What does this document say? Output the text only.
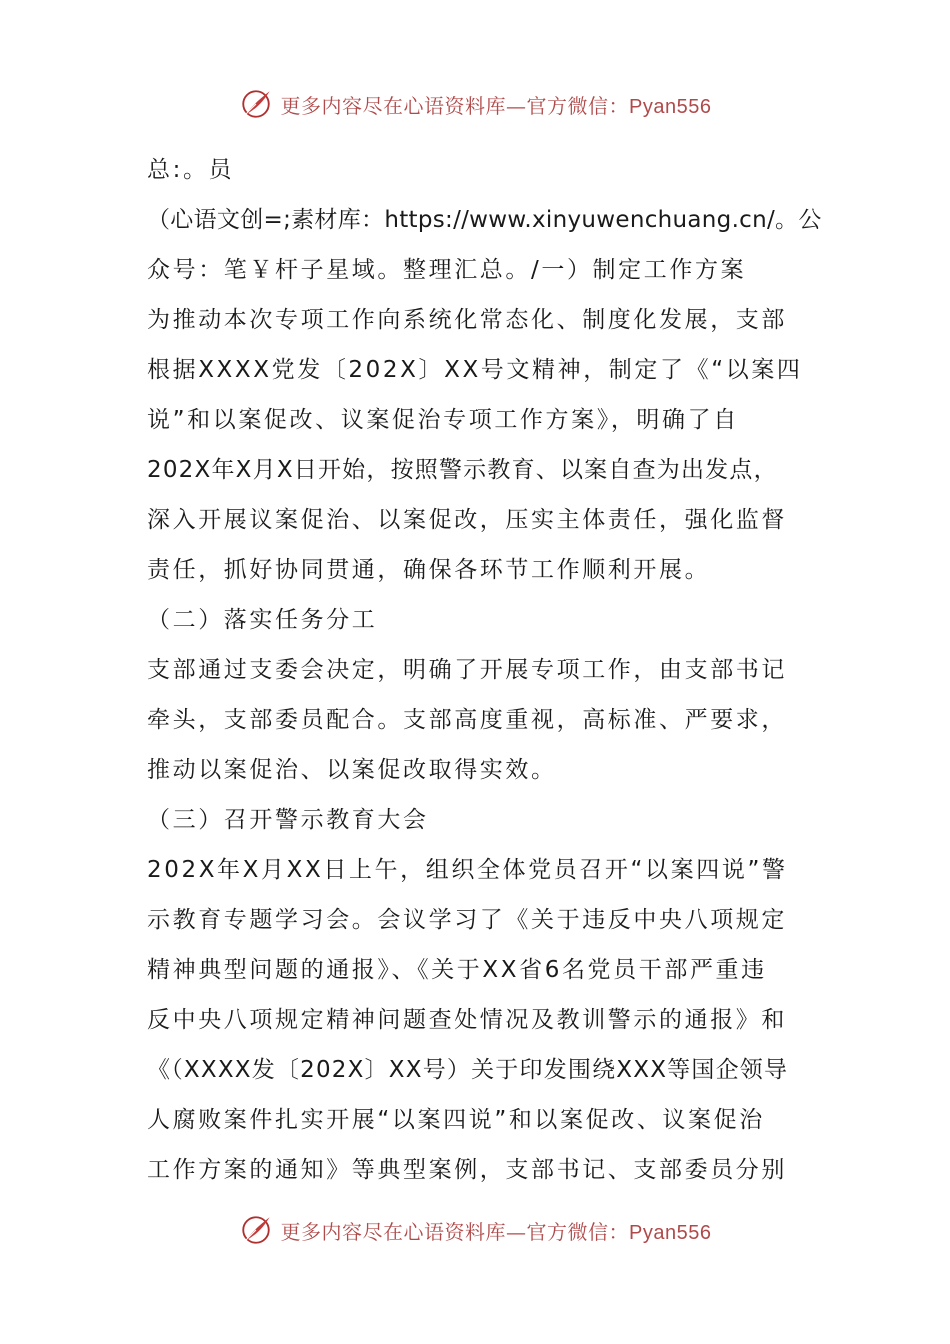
更多内容尽在心语资料库—官方微信：Pyan556
总:。员
（心语文创=;素材库：https://www.xinyuwenchuang.cn/。公
众号：笔￥杆子星域。整理汇总。/一）制定工作方案
为推动本次专项工作向系统化常态化、制度化发展，支部
根据XXXX党发〔202X〕XX号文精神，制定了《“以案四
说”和以案促改、议案促治专项工作方案》，明确了自
202X年X月X日开始，按照警示教育、以案自查为出发点，
深入开展议案促治、以案促改，压实主体责任，强化监督
责任，抓好协同贯通，确保各环节工作顺利开展。
（二）落实任务分工
支部通过支委会决定，明确了开展专项工作，由支部书记
牵头，支部委员配合。支部高度重视，高标准、严要求，
推动以案促治、以案促改取得实效。
（三）召开警示教育大会
202X年X月XX日上午，组织全体党员召开“以案四说”警
示教育专题学习会。会议学习了《关于违反中央八项规定
精神典型问题的通报》、《关于XX省6名党员干部严重违
反中央八项规定精神问题查处情况及教训警示的通报》和
《（XXXX发〔202X〕XX号）关于印发围绕XXX等国企领导
人腐败案件扎实开展“以案四说”和以案促改、议案促治
工作方案的通知》等典型案例，支部书记、支部委员分别
更多内容尽在心语资料库—官方微信：Pyan556
